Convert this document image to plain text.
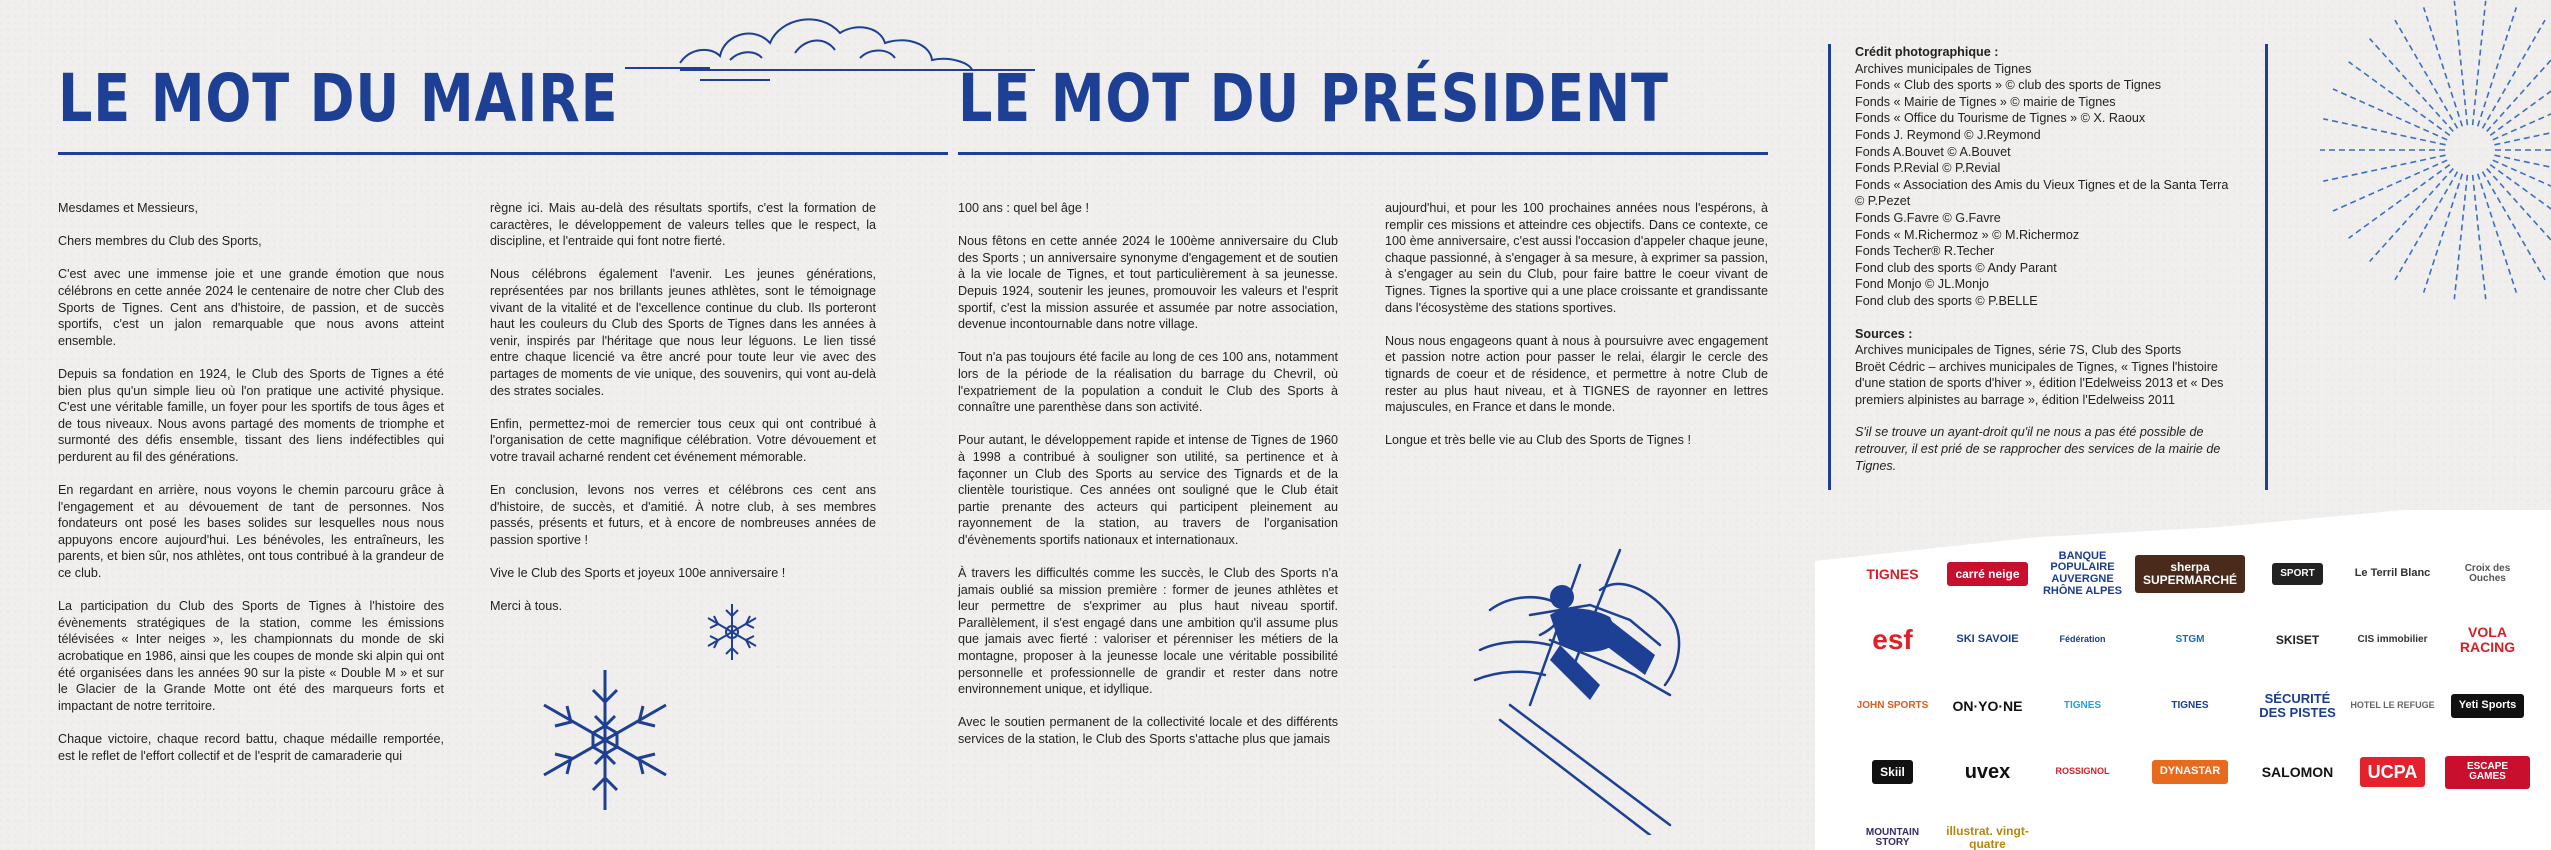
LE MOT DU MAIRE	LE MOT DU PRÉSIDENT

Mesdames et Messieurs,

Chers membres du Club des Sports,

C'est avec une immense joie et une grande émotion que nous célébrons en cette année 2024 le centenaire de notre cher Club des Sports de Tignes. Cent ans d'histoire, de passion, et de succès sportifs, c'est un jalon remarquable que nous avons atteint ensemble.

Depuis sa fondation en 1924, le Club des Sports de Tignes a été bien plus qu'un simple lieu où l'on pratique une activité physique. C'est une véritable famille, un foyer pour les sportifs de tous âges et de tous niveaux. Nous avons partagé des moments de triomphe et surmonté des défis ensemble, tissant des liens indéfectibles qui perdurent au fil des générations.

En regardant en arrière, nous voyons le chemin parcouru grâce à l'engagement et au dévouement de tant de personnes. Nos fondateurs ont posé les bases solides sur lesquelles nous nous appuyons encore aujourd'hui. Les bénévoles, les entraîneurs, les parents, et bien sûr, nos athlètes, ont tous contribué à la grandeur de ce club.

La participation du Club des Sports de Tignes à l'histoire des évènements stratégiques de la station, comme les émissions télévisées « Inter neiges », les championnats du monde de ski acrobatique en 1986, ainsi que les coupes de monde ski alpin qui ont été organisées dans les années 90 sur la piste « Double M » et sur le Glacier de la Grande Motte ont été des marqueurs forts et impactant de notre territoire.

Chaque victoire, chaque record battu, chaque médaille remportée, est le reflet de l'effort collectif et de l'esprit de camaraderie qui

règne ici. Mais au-delà des résultats sportifs, c'est la formation de caractères, le développement de valeurs telles que le respect, la discipline, et l'entraide qui font notre fierté.

Nous célébrons également l'avenir. Les jeunes générations, représentées par nos brillants jeunes athlètes, sont le témoignage vivant de la vitalité et de l'excellence continue du club. Ils porteront haut les couleurs du Club des Sports de Tignes dans les années à venir, inspirés par l'héritage que nous leur léguons. Le lien tissé entre chaque licencié va être ancré pour toute leur vie avec des partages de moments de vie unique, des souvenirs, qui vont au-delà des strates sociales.

Enfin, permettez-moi de remercier tous ceux qui ont contribué à l'organisation de cette magnifique célébration. Votre dévouement et votre travail acharné rendent cet événement mémorable.

En conclusion, levons nos verres et célébrons ces cent ans d'histoire, de succès, et d'amitié. À notre club, à ses membres passés, présents et futurs, et à encore de nombreuses années de passion sportive !

Vive le Club des Sports et joyeux 100e anniversaire !

Merci à tous.

100 ans : quel bel âge !

Nous fêtons en cette année 2024 le 100ème anniversaire du Club des Sports ; un anniversaire synonyme d'engagement et de soutien à la vie locale de Tignes, et tout particulièrement à sa jeunesse. Depuis 1924, soutenir les jeunes, promouvoir les valeurs et l'esprit sportif, c'est la mission assurée et assumée par notre association, devenue incontournable dans notre village.

Tout n'a pas toujours été facile au long de ces 100 ans, notamment lors de la période de la réalisation du barrage du Chevril, où l'expatriement de la population a conduit le Club des Sports à connaître une parenthèse dans son activité.

Pour autant, le développement rapide et intense de Tignes de 1960 à 1998 a contribué à souligner son utilité, sa pertinence et à façonner un Club des Sports au service des Tignards et de la clientèle touristique. Ces années ont souligné que le Club était partie prenante des acteurs qui participent pleinement au rayonnement de la station, au travers de l'organisation d'évènements sportifs nationaux et internationaux.

À travers les difficultés comme les succès, le Club des Sports n'a jamais oublié sa mission première : former de jeunes athlètes et leur permettre de s'exprimer au plus haut niveau sportif. Parallèlement, il s'est engagé dans une ambition qu'il assume plus que jamais avec fierté : valoriser et pérenniser les métiers de la montagne, proposer à la jeunesse locale une véritable possibilité personnelle et professionnelle de grandir et rester dans notre environnement unique, et idyllique.

Avec le soutien permanent de la collectivité locale et des différents services de la station, le Club des Sports s'attache plus que jamais

aujourd'hui, et pour les 100 prochaines années nous l'espérons, à remplir ces missions et atteindre ces objectifs. Dans ce contexte, ce 100 ème anniversaire, c'est aussi l'occasion d'appeler chaque jeune, chaque passionné, à s'engager à sa mesure, à exprimer sa passion, à s'engager au sein du Club, pour faire battre le coeur vivant de Tignes. Tignes la sportive qui a une place croissante et grandissante dans l'écosystème des stations sportives.

Nous nous engageons quant à nous à poursuivre avec engagement et passion notre action pour passer le relai, élargir le cercle des tignards de coeur et de résidence, et permettre à notre Club de rester au plus haut niveau, et à TIGNES de rayonner en lettres majuscules, en France et dans le monde.

Longue et très belle vie au Club des Sports de Tignes !

Crédit photographique :
Archives municipales de Tignes
Fonds « Club des sports » © club des sports de Tignes
Fonds « Mairie de Tignes » © mairie de Tignes
Fonds « Office du Tourisme de Tignes » © X. Raoux
Fonds J. Reymond © J.Reymond
Fonds A.Bouvet © A.Bouvet
Fonds P.Revial © P.Revial
Fonds « Association des Amis du Vieux Tignes et de la Santa Terra © P.Pezet
Fonds G.Favre © G.Favre
Fonds « M.Richermoz » © M.Richermoz
Fonds Techer® R.Techer
Fond club des sports © Andy Parant
Fond Monjo © JL.Monjo
Fond club des sports © P.BELLE
Sources :
Archives municipales de Tignes, série 7S, Club des Sports
Broët Cédric – archives municipales de Tignes, « Tignes l'histoire d'une station de sports d'hiver », édition l'Edelweiss 2013 et « Des premiers alpinistes au barrage », édition l'Edelweiss 2011
S'il se trouve un ayant-droit qu'il ne nous a pas été possible de retrouver, il est prié de se rapprocher des services de la mairie de Tignes.
TIGNES	carré neige
BANQUE POPULAIRE AUVERGNE RHÔNE ALPES
sherpa SUPERMARCHÉ	SPORT	Le Terril Blanc	Croix des Ouches
esf	SKI SAVOIE	Fédération	STGM	SKISET	CIS immobilier	VOLA RACING
JOHN SPORTS ON·YO·NE	TIGNES	TIGNES	SÉCURITÉ DES PISTES	HOTEL LE REFUGE	Yeti Sports
Skiil	uvex	ROSSIGNOL	DYNASTAR	SALOMON	UCPA	ESCAPE GAMES
MOUNTAIN STORY
illustrat. vingt-quatre
